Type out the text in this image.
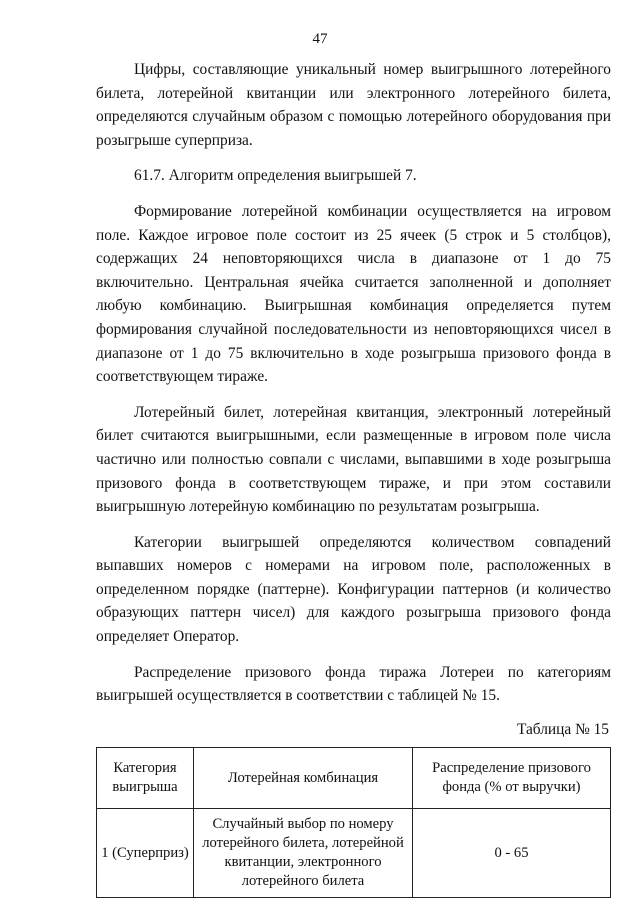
47

Цифры, составляющие уникальный номер выигрышного лотерейного билета, лотерейной квитанции или электронного лотерейного билета, определяются случайным образом с помощью лотерейного оборудования при розыгрыше суперприза.

61.7. Алгоритм определения выигрышей 7.

Формирование лотерейной комбинации осуществляется на игровом поле. Каждое игровое поле состоит из 25 ячеек (5 строк и 5 столбцов), содержащих 24 неповторяющихся числа в диапазоне от 1 до 75 включительно. Центральная ячейка считается заполненной и дополняет любую комбинацию. Выигрышная комбинация определяется путем формирования случайной последовательности из неповторяющихся чисел в диапазоне от 1 до 75 включительно в ходе розыгрыша призового фонда в соответствующем тираже.

Лотерейный билет, лотерейная квитанция, электронный лотерейный билет считаются выигрышными, если размещенные в игровом поле числа частично или полностью совпали с числами, выпавшими в ходе розыгрыша призового фонда в соответствующем тираже, и при этом составили выигрышную лотерейную комбинацию по результатам розыгрыша.

Категории выигрышей определяются количеством совпадений выпавших номеров с номерами на игровом поле, расположенных в определенном порядке (паттерне). Конфигурации паттернов (и количество образующих паттерн чисел) для каждого розыгрыша призового фонда определяет Оператор.

Распределение призового фонда тиража Лотереи по категориям выигрышей осуществляется в соответствии с таблицей № 15.

Таблица № 15
Категория выигрыша	Лотерейная комбинация	Распределение призового фонда (% от выручки)
1 (Суперприз)	Случайный выбор по номеру лотерейного билета, лотерейной квитанции, электронного лотерейного билета	0 - 65
